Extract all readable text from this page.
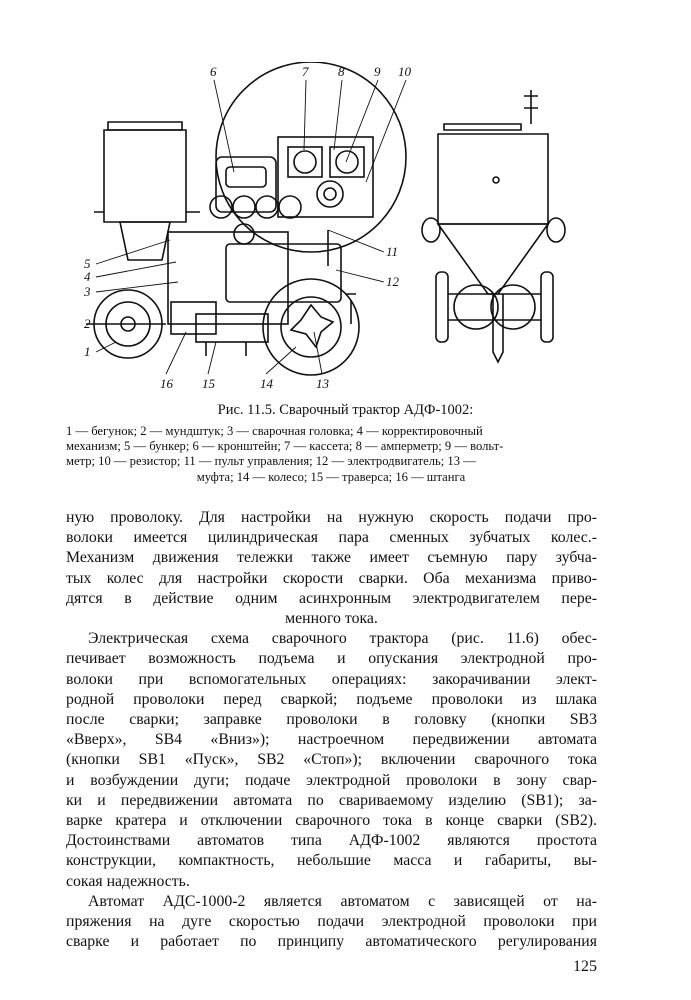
6	7 8 9 10
11
12
5
4
3
2
1
16 15	14	13
Рис. 11.5. Сварочный трактор АДФ-1002:
1 — бегунок; 2 — мундштук; 3 — сварочная головка; 4 — корректировочный
механизм; 5 — бункер; 6 — кронштейн; 7 — кассета; 8 — амперметр; 9 — вольт-
метр; 10 — резистор; 11 — пульт управления; 12 — электродвигатель; 13 —
муфта; 14 — колесо; 15 — траверса; 16 — штанга

ную проволоку. Для настройки на нужную скорость подачи про-

волоки имеется цилиндрическая пара сменных зубчатых колес.-

Механизм движения тележки также имеет съемную пару зубча-

тых колес для настройки скорости сварки. Оба механизма приво-

дятся в действие одним асинхронным электродвигателем пере-

менного тока.

Электрическая схема сварочного трактора (рис. 11.6) обес-

печивает возможность подъема и опускания электродной про-

волоки при вспомогательных операциях: закорачивании элект-

родной проволоки перед сваркой; подъеме проволоки из шлака

после сварки; заправке проволоки в головку (кнопки SB3

«Вверх», SB4 «Вниз»); настроечном передвижении автомата

(кнопки SB1 «Пуск», SB2 «Стоп»); включении сварочного тока

и возбуждении дуги; подаче электродной проволоки в зону свар-

ки и передвижении автомата по свариваемому изделию (SB1); за-

варке кратера и отключении сварочного тока в конце сварки (SB2).

Достоинствами автоматов типа АДФ-1002 являются простота

конструкции, компактность, небольшие масса и габариты, вы-

сокая надежность.

Автомат АДС-1000-2 является автоматом с зависящей от на-

пряжения на дуге скоростью подачи электродной проволоки при

сварке и работает по принципу автоматического регулирования

125
